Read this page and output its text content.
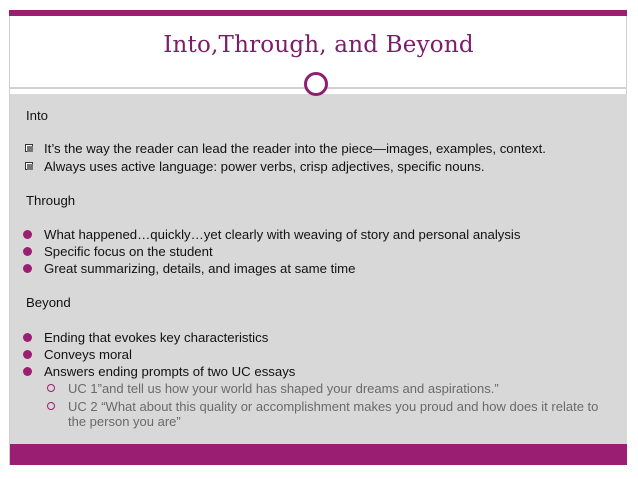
Into,Through, and Beyond
Into
It’s the way the reader can lead the reader into the piece—images, examples, context.
Always uses active language: power verbs, crisp adjectives, specific nouns.
Through
What happened…quickly…yet clearly with weaving of story and personal analysis
Specific focus on the student
Great summarizing, details, and images at same time
Beyond
Ending that evokes key characteristics
Conveys moral
Answers ending prompts of two UC essays
UC 1”and tell us how your world has shaped your dreams and aspirations.”
UC 2 “What about this quality or accomplishment makes you proud and how does it relate to the person you are”
